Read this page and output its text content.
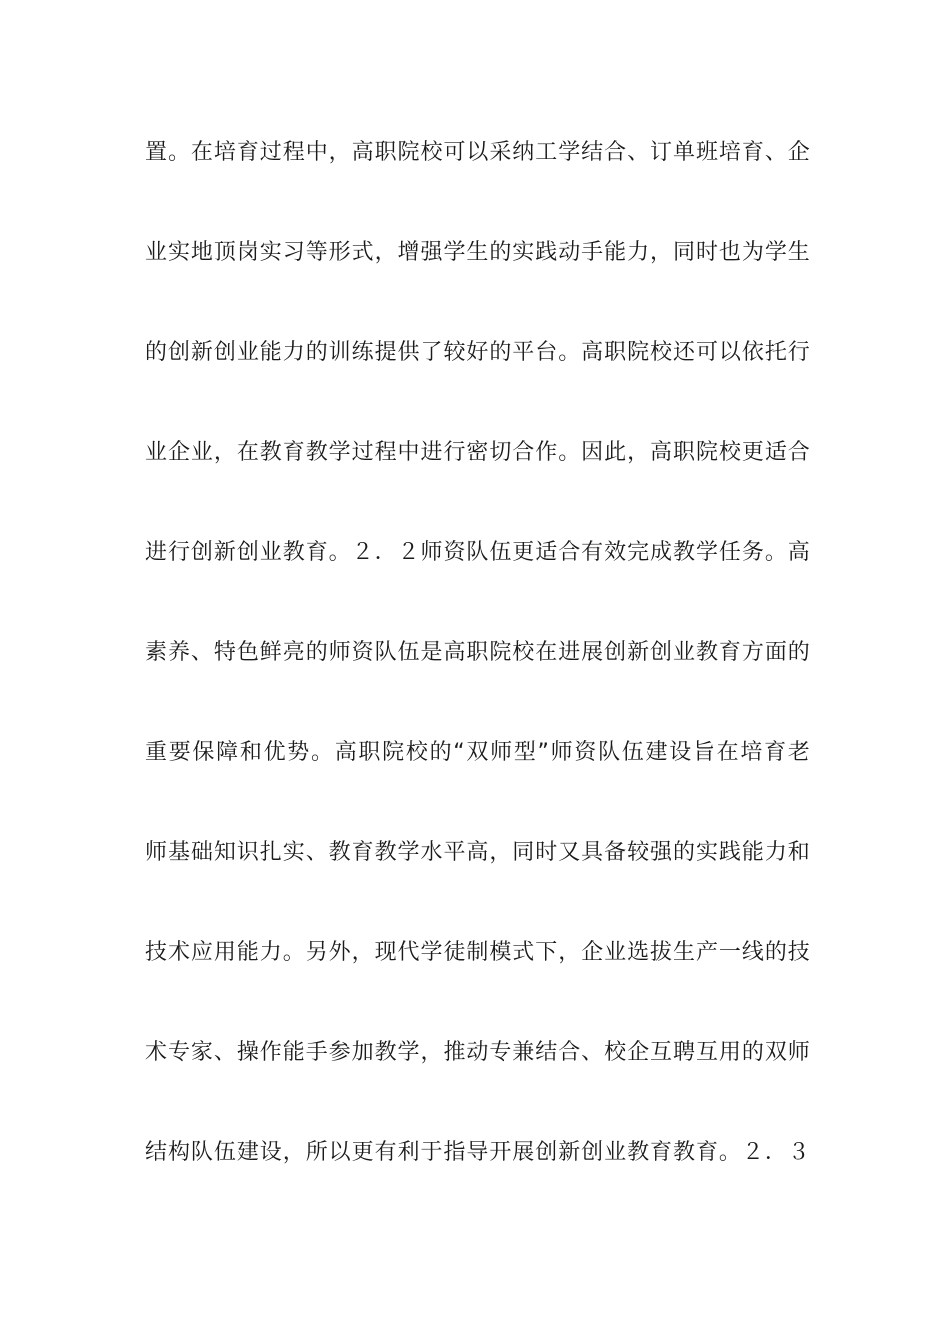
置。在培育过程中，高职院校可以采纳工学结合、订单班培育、企
业实地顶岗实习等形式，增强学生的实践动手能力，同时也为学生
的创新创业能力的训练提供了较好的平台。高职院校还可以依托行
业企业，在教育教学过程中进行密切合作。因此，高职院校更适合
进行创新创业教育。２．２师资队伍更适合有效完成教学任务。高
素养、特色鲜亮的师资队伍是高职院校在进展创新创业教育方面的
重要保障和优势。高职院校的“双师型”师资队伍建设旨在培育老
师基础知识扎实、教育教学水平高，同时又具备较强的实践能力和
技术应用能力。另外，现代学徒制模式下，企业选拔生产一线的技
术专家、操作能手参加教学，推动专兼结合、校企互聘互用的双师
结构队伍建设，所以更有利于指导开展创新创业教育教育。２．３
